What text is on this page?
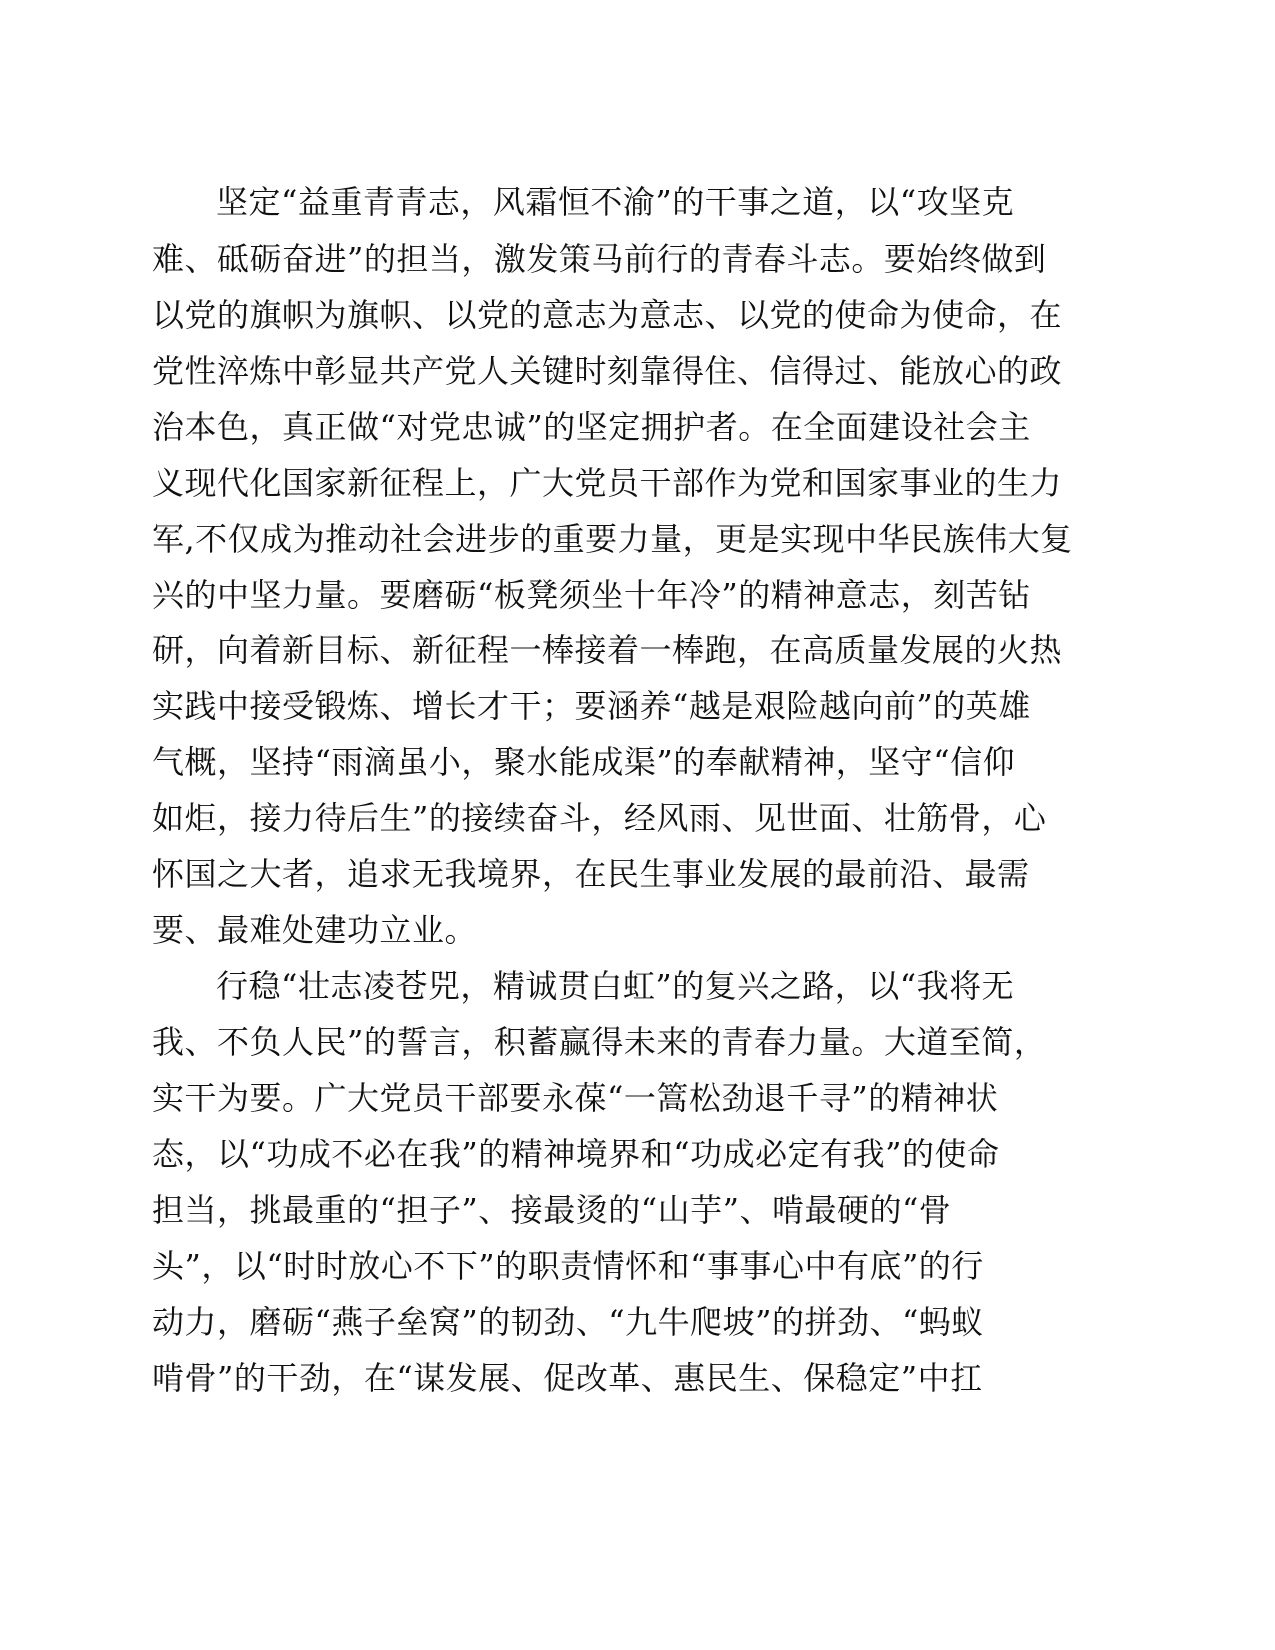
坚定“益重青青志，风霜恒不渝”的干事之道，以“攻坚克

难、砥砺奋进”的担当，激发策马前行的青春斗志。要始终做到

以党的旗帜为旗帜、以党的意志为意志、以党的使命为使命，在

党性淬炼中彰显共产党人关键时刻靠得住、信得过、能放心的政

治本色，真正做“对党忠诚”的坚定拥护者。在全面建设社会主

义现代化国家新征程上，广大党员干部作为党和国家事业的生力

军,不仅成为推动社会进步的重要力量，更是实现中华民族伟大复

兴的中坚力量。要磨砺“板凳须坐十年冷”的精神意志，刻苦钻

研，向着新目标、新征程一棒接着一棒跑，在高质量发展的火热

实践中接受锻炼、增长才干；要涵养“越是艰险越向前”的英雄

气概，坚持“雨滴虽小，聚水能成渠”的奉献精神，坚守“信仰

如炬，接力待后生”的接续奋斗，经风雨、见世面、壮筋骨，心

怀国之大者，追求无我境界，在民生事业发展的最前沿、最需

要、最难处建功立业。

行稳“壮志凌苍兕，精诚贯白虹”的复兴之路，以“我将无

我、不负人民”的誓言，积蓄赢得未来的青春力量。大道至简，

实干为要。广大党员干部要永葆“一篙松劲退千寻”的精神状

态，以“功成不必在我”的精神境界和“功成必定有我”的使命

担当，挑最重的“担子”、接最烫的“山芋”、啃最硬的“骨

头”，以“时时放心不下”的职责情怀和“事事心中有底”的行

动力，磨砺“燕子垒窝”的韧劲、“九牛爬坡”的拼劲、“蚂蚁

啃骨”的干劲，在“谋发展、促改革、惠民生、保稳定”中扛
